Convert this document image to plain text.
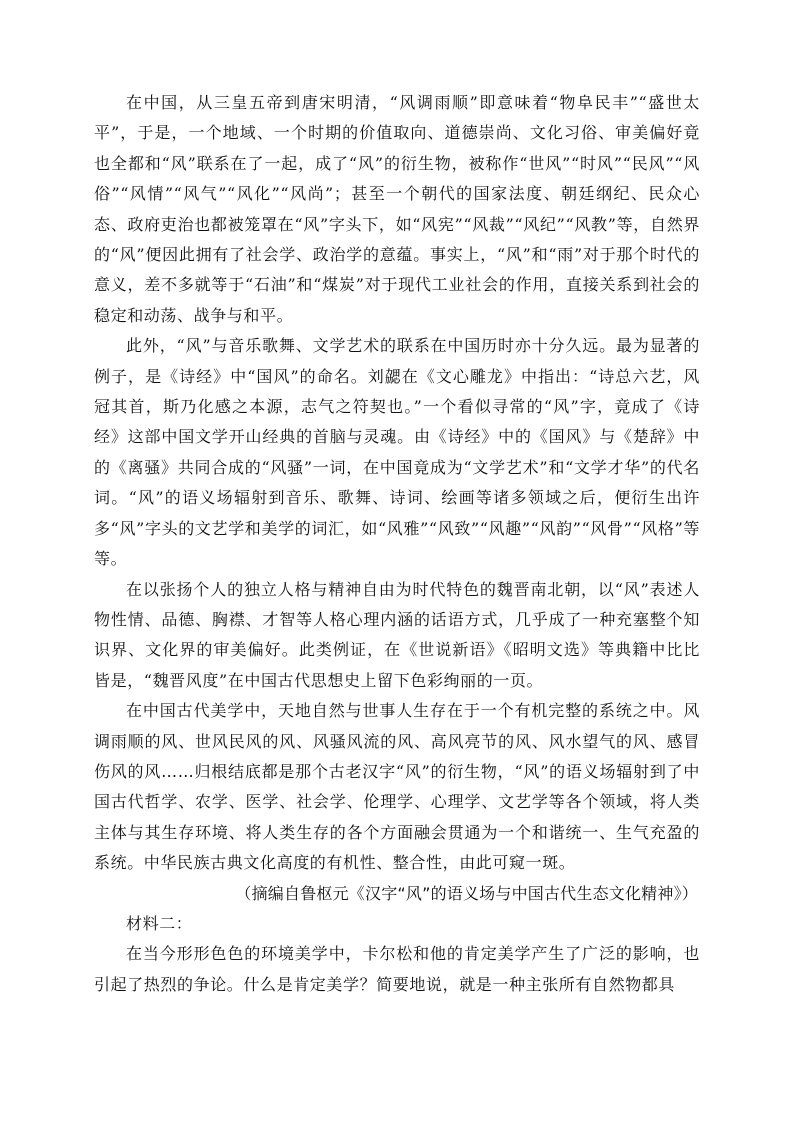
在中国，从三皇五帝到唐宋明清，“风调雨顺”即意味着“物阜民丰”“盛世太平”，于是，一个地域、一个时期的价值取向、道德崇尚、文化习俗、审美偏好竟也全都和“风”联系在了一起，成了“风”的衍生物，被称作“世风”“时风”“民风”“风俗”“风情”“风气”“风化”“风尚”；甚至一个朝代的国家法度、朝廷纲纪、民众心态、政府吏治也都被笼罩在“风”字头下，如“风宪”“风裁”“风纪”“风教”等，自然界的“风”便因此拥有了社会学、政治学的意蕴。事实上，“风”和“雨”对于那个时代的意义，差不多就等于“石油”和“煤炭”对于现代工业社会的作用，直接关系到社会的稳定和动荡、战争与和平。

此外，“风”与音乐歌舞、文学艺术的联系在中国历时亦十分久远。最为显著的例子，是《诗经》中“国风”的命名。刘勰在《文心雕龙》中指出：“诗总六艺，风冠其首，斯乃化感之本源，志气之符契也。”一个看似寻常的“风”字，竟成了《诗经》这部中国文学开山经典的首脑与灵魂。由《诗经》中的《国风》与《楚辞》中的《离骚》共同合成的“风骚”一词，在中国竟成为“文学艺术”和“文学才华”的代名词。“风”的语义场辐射到音乐、歌舞、诗词、绘画等诸多领域之后，便衍生出许多“风”字头的文艺学和美学的词汇，如“风雅”“风致”“风趣”“风韵”“风骨”“风格”等等。

在以张扬个人的独立人格与精神自由为时代特色的魏晋南北朝，以“风”表述人物性情、品德、胸襟、才智等人格心理内涵的话语方式，几乎成了一种充塞整个知识界、文化界的审美偏好。此类例证，在《世说新语》《昭明文选》等典籍中比比皆是，“魏晋风度”在中国古代思想史上留下色彩绚丽的一页。

在中国古代美学中，天地自然与世事人生存在于一个有机完整的系统之中。风调雨顺的风、世风民风的风、风骚风流的风、高风亮节的风、风水望气的风、感冒伤风的风……归根结底都是那个古老汉字“风”的衍生物，“风”的语义场辐射到了中国古代哲学、农学、医学、社会学、伦理学、心理学、文艺学等各个领域，将人类主体与其生存环境、将人类生存的各个方面融会贯通为一个和谐统一、生气充盈的系统。中华民族古典文化高度的有机性、整合性，由此可窥一斑。

（摘编自鲁枢元《汉字“风”的语义场与中国古代生态文化精神》）

材料二：

在当今形形色色的环境美学中，卡尔松和他的肯定美学产生了广泛的影响，也引起了热烈的争论。什么是肯定美学？简要地说，就是一种主张所有自然物都具
